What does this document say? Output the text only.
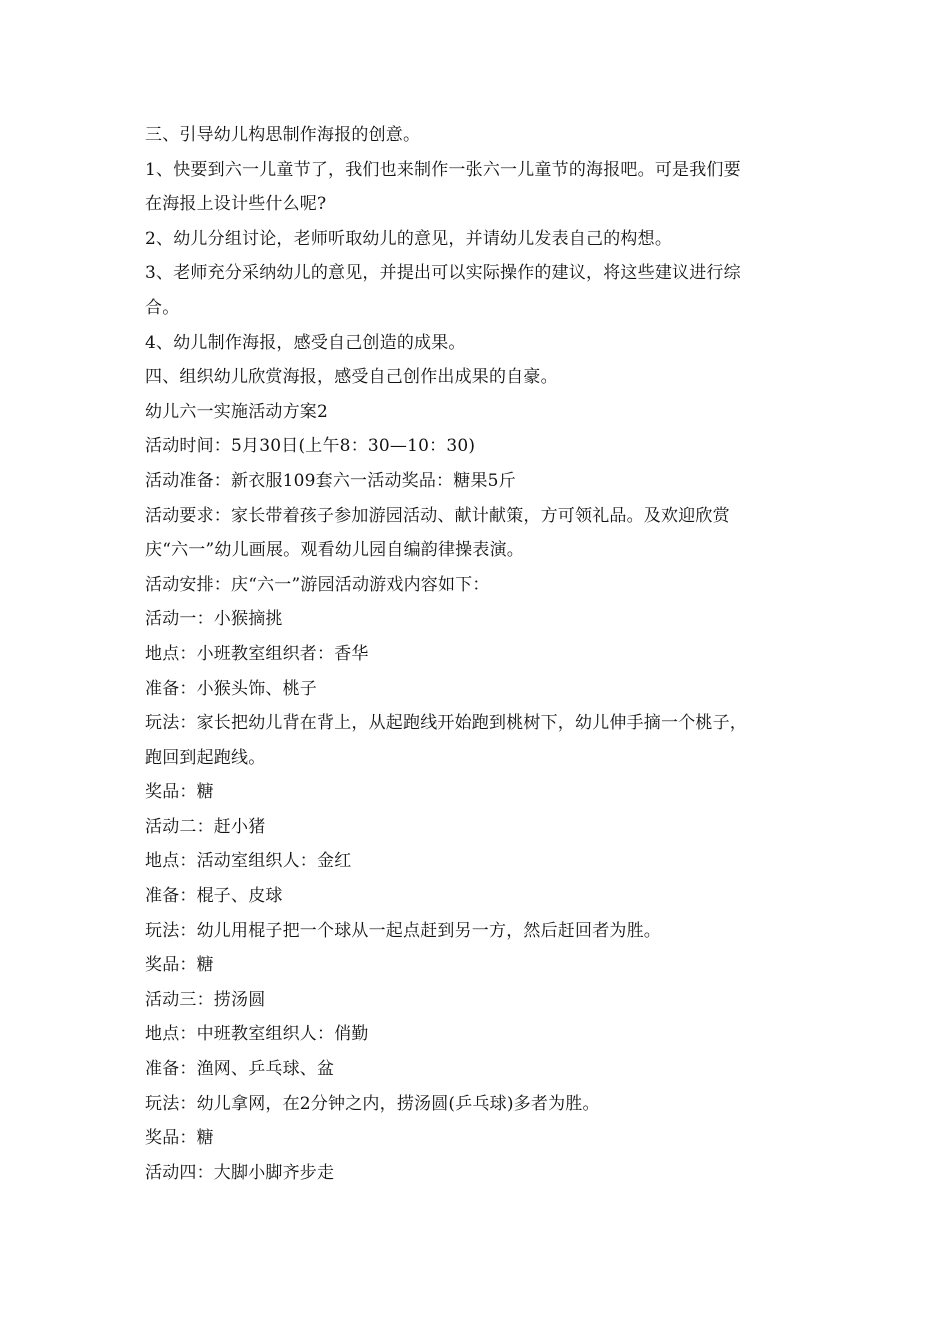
三、引导幼儿构思制作海报的创意。
1、快要到六一儿童节了，我们也来制作一张六一儿童节的海报吧。可是我们要
在海报上设计些什么呢?
2、幼儿分组讨论，老师听取幼儿的意见，并请幼儿发表自己的构想。
3、老师充分采纳幼儿的意见，并提出可以实际操作的建议，将这些建议进行综
合。
4、幼儿制作海报，感受自己创造的成果。
四、组织幼儿欣赏海报，感受自己创作出成果的自豪。
幼儿六一实施活动方案2
活动时间：5月30日(上午8：30—10：30)
活动准备：新衣服109套六一活动奖品：糖果5斤
活动要求：家长带着孩子参加游园活动、献计献策，方可领礼品。及欢迎欣赏
庆“六一”幼儿画展。观看幼儿园自编韵律操表演。
活动安排：庆“六一”游园活动游戏内容如下：
活动一：小猴摘挑
地点：小班教室组织者：香华
准备：小猴头饰、桃子
玩法：家长把幼儿背在背上，从起跑线开始跑到桃树下，幼儿伸手摘一个桃子，
跑回到起跑线。
奖品：糖
活动二：赶小猪
地点：活动室组织人：金红
准备：棍子、皮球
玩法：幼儿用棍子把一个球从一起点赶到另一方，然后赶回者为胜。
奖品：糖
活动三：捞汤圆
地点：中班教室组织人：俏勤
准备：渔网、乒乓球、盆
玩法：幼儿拿网，在2分钟之内，捞汤圆(乒乓球)多者为胜。
奖品：糖
活动四：大脚小脚齐步走
